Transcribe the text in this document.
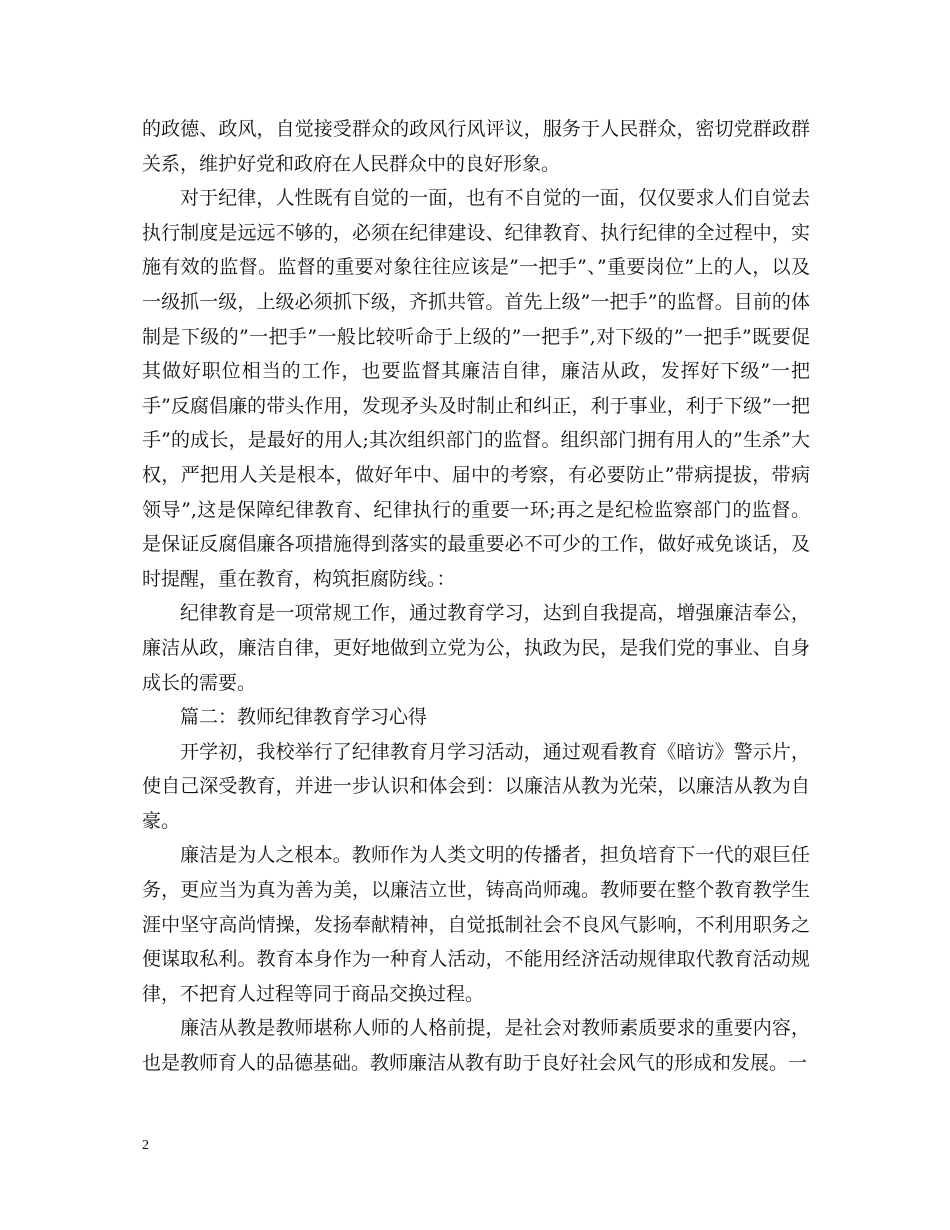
的政德、政风，自觉接受群众的政风行风评议，服务于人民群众，密切党群政群关系，维护好党和政府在人民群众中的良好形象。

对于纪律，人性既有自觉的一面，也有不自觉的一面，仅仅要求人们自觉去执行制度是远远不够的，必须在纪律建设、纪律教育、执行纪律的全过程中，实施有效的监督。监督的重要对象往往应该是”一把手”、”重要岗位”上的人，以及一级抓一级，上级必须抓下级，齐抓共管。首先上级”一把手”的监督。目前的体制是下级的”一把手”一般比较听命于上级的”一把手”,对下级的”一把手”既要促其做好职位相当的工作，也要监督其廉洁自律，廉洁从政，发挥好下级”一把手”反腐倡廉的带头作用，发现矛头及时制止和纠正，利于事业，利于下级”一把手”的成长，是最好的用人;其次组织部门的监督。组织部门拥有用人的”生杀”大权，严把用人关是根本，做好年中、届中的考察，有必要防止”带病提拔，带病领导”,这是保障纪律教育、纪律执行的重要一环;再之是纪检监察部门的监督。是保证反腐倡廉各项措施得到落实的最重要必不可少的工作，做好戒免谈话，及时提醒，重在教育，构筑拒腐防线。：

纪律教育是一项常规工作，通过教育学习，达到自我提高，增强廉洁奉公，廉洁从政，廉洁自律，更好地做到立党为公，执政为民，是我们党的事业、自身成长的需要。

篇二：教师纪律教育学习心得

开学初，我校举行了纪律教育月学习活动，通过观看教育《暗访》警示片，使自己深受教育，并进一步认识和体会到：以廉洁从教为光荣，以廉洁从教为自豪。

廉洁是为人之根本。教师作为人类文明的传播者，担负培育下一代的艰巨任务，更应当为真为善为美，以廉洁立世，铸高尚师魂。教师要在整个教育教学生涯中坚守高尚情操，发扬奉献精神，自觉抵制社会不良风气影响，不利用职务之便谋取私利。教育本身作为一种育人活动，不能用经济活动规律取代教育活动规律，不把育人过程等同于商品交换过程。

廉洁从教是教师堪称人师的人格前提，是社会对教师素质要求的重要内容，也是教师育人的品德基础。教师廉洁从教有助于良好社会风气的形成和发展。一

2
